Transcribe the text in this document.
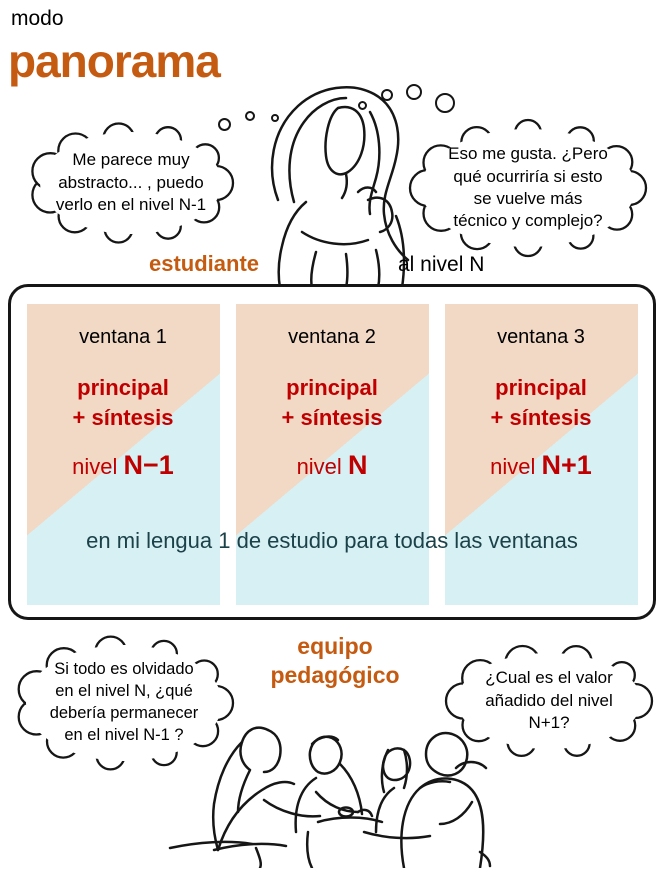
modo
panorama
Me parece muy
abstracto... , puedo
verlo en el nivel N-1
Eso me gusta. ¿Pero
qué ocurriría si esto
se vuelve más
técnico y complejo?
estudiante	al nivel N
ventana 1
principal
+ síntesis
nivel N−1
ventana 2
principal
+ síntesis
nivel N
ventana 3
principal
+ síntesis
nivel N+1
en mi lengua 1 de estudio para todas las ventanas
equipo
pedagógico
Si todo es olvidado
en el nivel N, ¿qué
debería permanecer
en el nivel N-1 ?
¿Cual es el valor
añadido del nivel
N+1?
